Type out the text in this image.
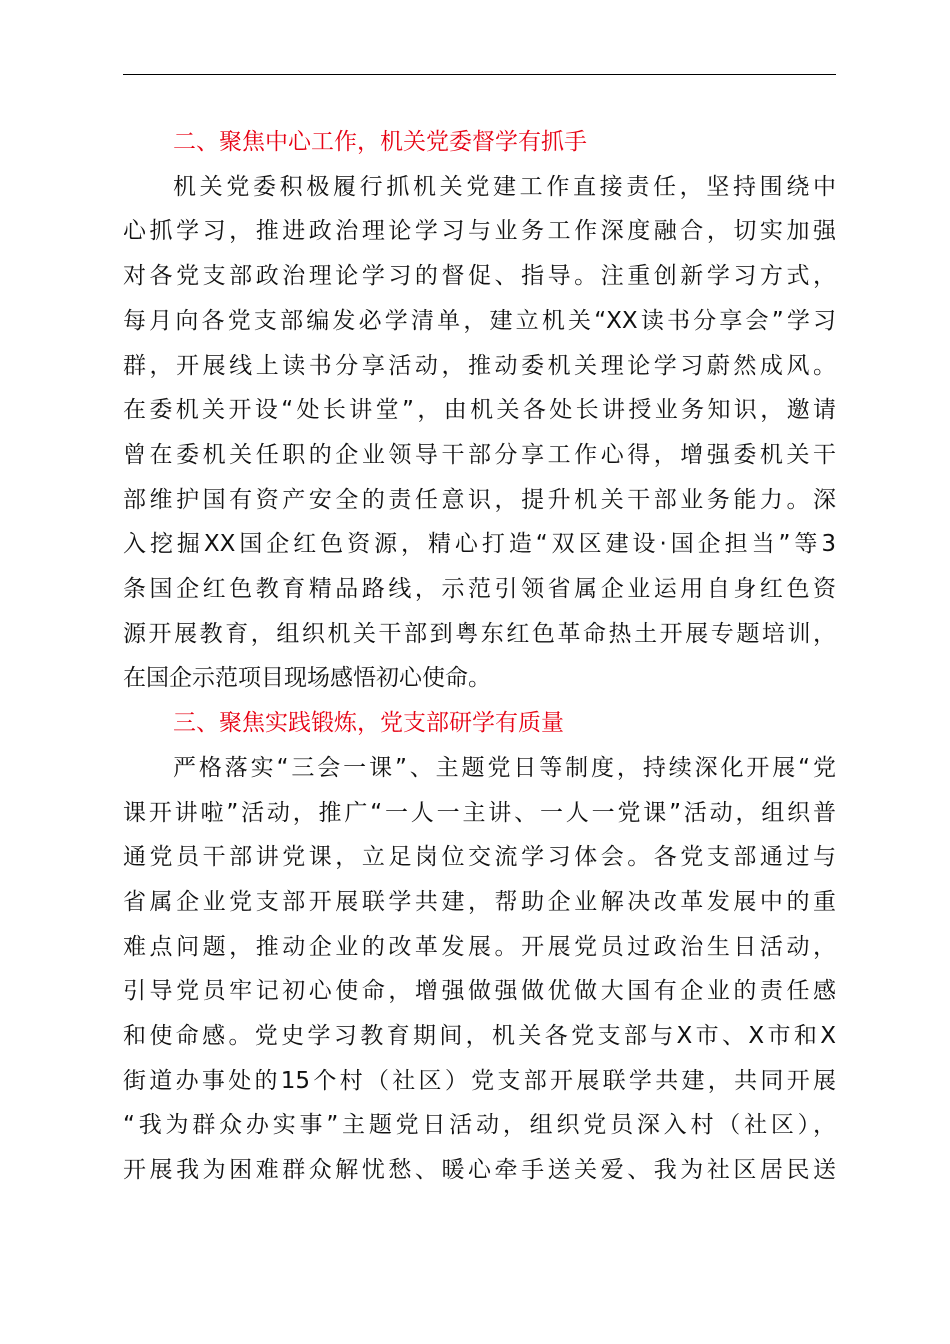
二、聚焦中心工作，机关党委督学有抓手

机关党委积极履行抓机关党建工作直接责任，坚持围绕中

心抓学习，推进政治理论学习与业务工作深度融合，切实加强

对各党支部政治理论学习的督促、指导。注重创新学习方式，

每月向各党支部编发必学清单，建立机关“XX读书分享会”学习

群，开展线上读书分享活动，推动委机关理论学习蔚然成风。

在委机关开设“处长讲堂”，由机关各处长讲授业务知识，邀请

曾在委机关任职的企业领导干部分享工作心得，增强委机关干

部维护国有资产安全的责任意识，提升机关干部业务能力。深

入挖掘XX国企红色资源，精心打造“双区建设·国企担当”等3

条国企红色教育精品路线，示范引领省属企业运用自身红色资

源开展教育，组织机关干部到粤东红色革命热土开展专题培训，

在国企示范项目现场感悟初心使命。

三、聚焦实践锻炼，党支部研学有质量

严格落实“三会一课”、主题党日等制度，持续深化开展“党

课开讲啦”活动，推广“一人一主讲、一人一党课”活动，组织普

通党员干部讲党课，立足岗位交流学习体会。各党支部通过与

省属企业党支部开展联学共建，帮助企业解决改革发展中的重

难点问题，推动企业的改革发展。开展党员过政治生日活动，

引导党员牢记初心使命，增强做强做优做大国有企业的责任感

和使命感。党史学习教育期间，机关各党支部与X市、X市和X

街道办事处的15个村（社区）党支部开展联学共建，共同开展

“我为群众办实事”主题党日活动，组织党员深入村（社区），

开展我为困难群众解忧愁、暖心牵手送关爱、我为社区居民送
